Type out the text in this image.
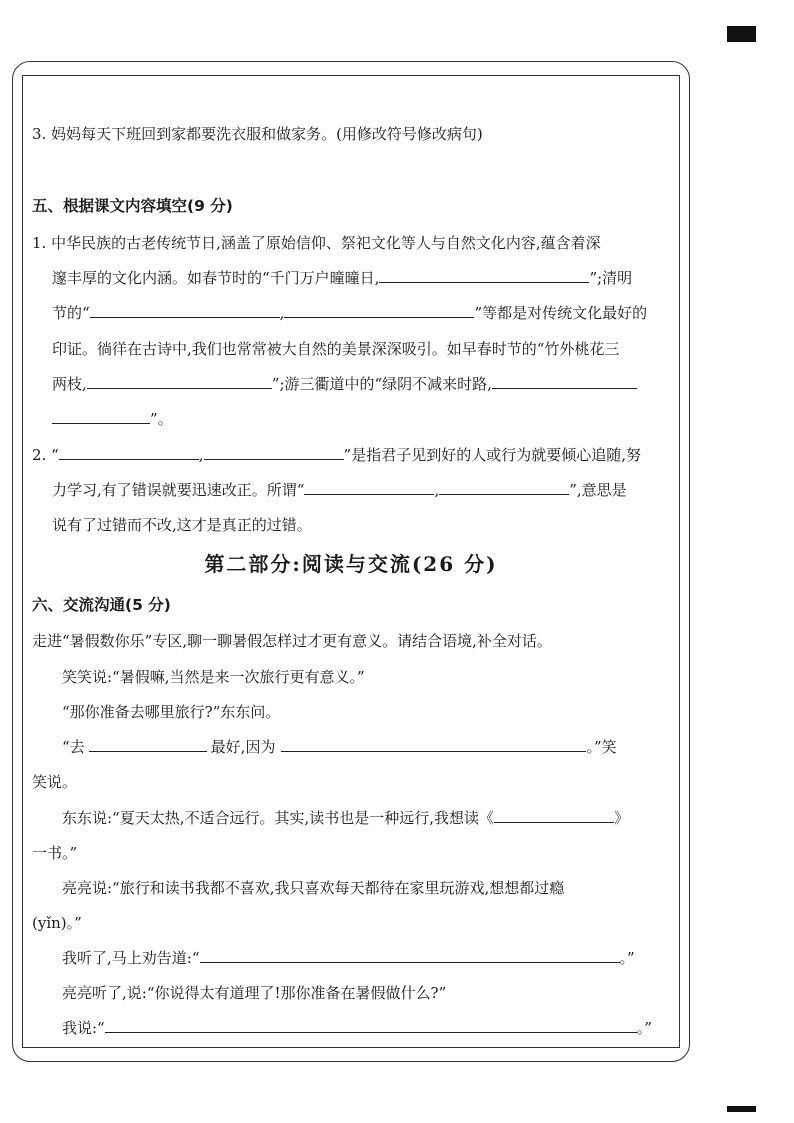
3. 妈妈每天下班回到家都要洗衣服和做家务。(用修改符号修改病句)
五、根据课文内容填空(9 分)
1. 中华民族的古老传统节日,涵盖了原始信仰、祭祀文化等人与自然文化内容,蕴含着深
邃丰厚的文化内涵。如春节时的“千门万户曈曈日,	”;清明
节的“	,	”等都是对传统文化最好的
印证。徜徉在古诗中,我们也常常被大自然的美景深深吸引。如早春时节的“竹外桃花三
两枝,	”;游三衢道中的“绿阴不减来时路,
”。
2. “	,	”是指君子见到好的人或行为就要倾心追随,努
力学习,有了错误就要迅速改正。所谓“	,	”,意思是
说有了过错而不改,这才是真正的过错。
第二部分:阅读与交流(26 分)
六、交流沟通(5 分)
走进“暑假数你乐”专区,聊一聊暑假怎样过才更有意义。请结合语境,补全对话。
笑笑说:“暑假嘛,当然是来一次旅行更有意义。”
“那你准备去哪里旅行?”东东问。
“去	最好,因为	。”笑
笑说。
东东说:“夏天太热,不适合远行。其实,读书也是一种远行,我想读《	》
一书。”
亮亮说:“旅行和读书我都不喜欢,我只喜欢每天都待在家里玩游戏,想想都过瘾
(yǐn)。”
我听了,马上劝告道:“	。”
亮亮听了,说:“你说得太有道理了!那你准备在暑假做什么?”
我说:“	。”
